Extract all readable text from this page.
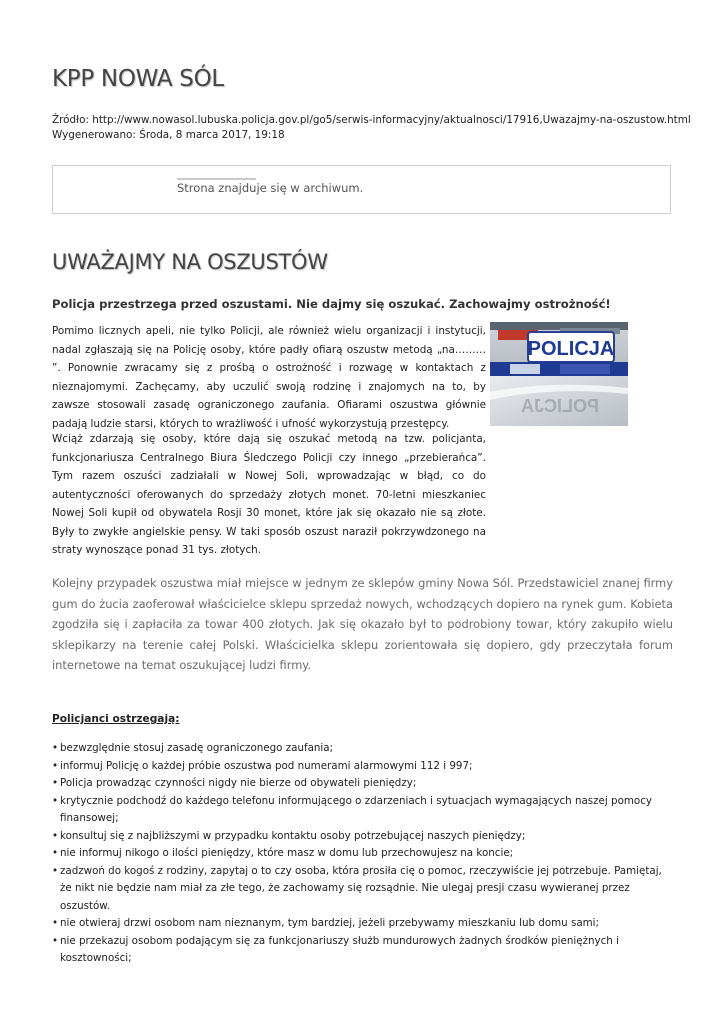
KPP NOWA SÓL
Źródło: http://www.nowasol.lubuska.policja.gov.pl/go5/serwis-informacyjny/aktualnosci/17916,Uwazajmy-na-oszustow.html
Wygenerowano: Środa, 8 marca 2017, 19:18
Strona znajduje się w archiwum.
UWAŻAJMY NA OSZUSTÓW
Policja przestrzega przed oszustami. Nie dajmy się oszukać. Zachowajmy ostrożność!
Pomimo licznych apeli, nie tylko Policji, ale również wielu organizacji i instytucji, nadal zgłaszają się na Policję osoby, które padły ofiarą oszustw metodą „na……… ”. Ponownie zwracamy się z prośbą o ostrożność i rozwagę w kontaktach z nieznajomymi. Zachęcamy, aby uczulić swoją rodzinę i znajomych na to, by zawsze stosowali zasadę ograniczonego zaufania. Ofiarami oszustwa głównie padają ludzie starsi, których to wrażliwość i ufność wykorzystują przestępcy.
POLICJA
POLICJA
Wciąż zdarzają się osoby, które dają się oszukać metodą na tzw. policjanta, funkcjonariusza Centralnego Biura Śledczego Policji czy innego „przebierańca”. Tym razem oszuści zadziałali w Nowej Soli, wprowadzając w błąd, co do autentyczności oferowanych do sprzedaży złotych monet. 70-letni mieszkaniec Nowej Soli kupił od obywatela Rosji 30 monet, które jak się okazało nie są złote. Były to zwykłe angielskie pensy. W taki sposób oszust naraził pokrzywdzonego na straty wynoszące ponad 31 tys. złotych.
Kolejny przypadek oszustwa miał miejsce w jednym ze sklepów gminy Nowa Sól. Przedstawiciel znanej firmy gum do żucia zaoferował właścicielce sklepu sprzedaż nowych, wchodzących dopiero na rynek gum. Kobieta zgodziła się i zapłaciła za towar 400 złotych. Jak się okazało był to podrobiony towar, który zakupiło wielu sklepikarzy na terenie całej Polski. Właścicielka sklepu zorientowała się dopiero, gdy przeczytała forum internetowe na temat oszukującej ludzi firmy.
Policjanci ostrzegają:
• bezwzględnie stosuj zasadę ograniczonego zaufania;
• informuj Policję o każdej próbie oszustwa pod numerami alarmowymi 112 i 997;
• Policja prowadząc czynności nigdy nie bierze od obywateli pieniędzy;
• krytycznie podchodź do każdego telefonu informującego o zdarzeniach i sytuacjach wymagających naszej pomocy finansowej;
• konsultuj się z najbliższymi w przypadku kontaktu osoby potrzebującej naszych pieniędzy;
• nie informuj nikogo o ilości pieniędzy, które masz w domu lub przechowujesz na koncie;
• zadzwoń do kogoś z rodziny, zapytaj o to czy osoba, która prosiła cię o pomoc, rzeczywiście jej potrzebuje. Pamiętaj, że nikt nie będzie nam miał za złe tego, że zachowamy się rozsądnie. Nie ulegaj presji czasu wywieranej przez oszustów.
• nie otwieraj drzwi osobom nam nieznanym, tym bardziej, jeżeli przebywamy mieszkaniu lub domu sami;
• nie przekazuj osobom podającym się za funkcjonariuszy służb mundurowych żadnych środków pieniężnych i kosztowności;
